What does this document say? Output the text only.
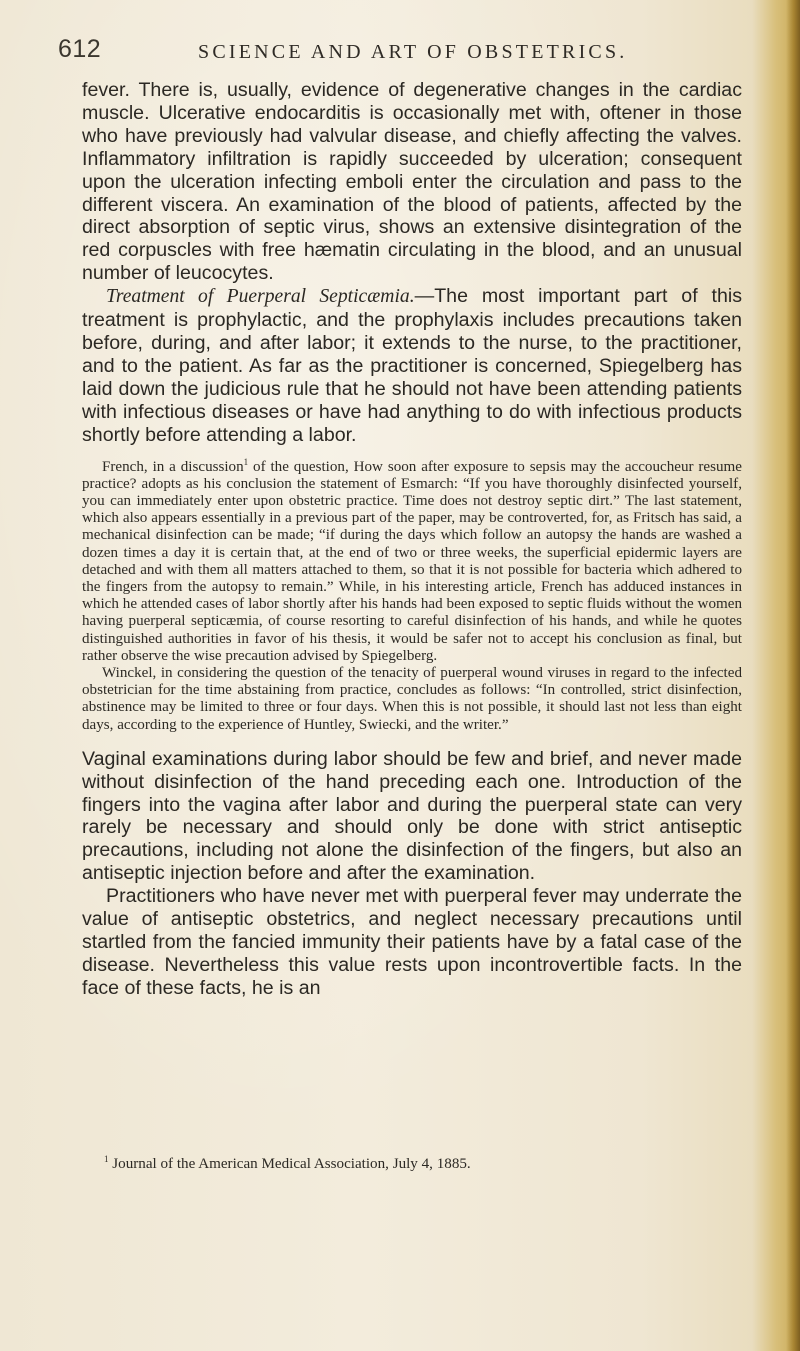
612	SCIENCE AND ART OF OBSTETRICS.

fever. There is, usually, evidence of degenerative changes in the cardiac muscle. Ulcerative endocarditis is occasionally met with, oftener in those who have previously had valvular disease, and chiefly affecting the valves. Inflammatory infiltration is rapidly succeeded by ulceration; consequent upon the ulceration infecting emboli enter the circulation and pass to the different viscera. An examination of the blood of patients, affected by the direct absorption of septic virus, shows an extensive disintegration of the red corpuscles with free hæmatin circulating in the blood, and an unusual number of leucocytes.

Treatment of Puerperal Septicæmia.—The most important part of this treatment is prophylactic, and the prophylaxis includes precautions taken before, during, and after labor; it extends to the nurse, to the practitioner, and to the patient. As far as the practitioner is concerned, Spiegelberg has laid down the judicious rule that he should not have been attending patients with infectious diseases or have had anything to do with infectious products shortly before attending a labor.

French, in a discussion$^1$ of the question, How soon after exposure to sepsis may the accoucheur resume practice? adopts as his conclusion the statement of Esmarch: “If you have thoroughly disinfected yourself, you can immediately enter upon obstetric practice. Time does not destroy septic dirt.” The last statement, which also appears essentially in a previous part of the paper, may be controverted, for, as Fritsch has said, a mechanical disinfection can be made; “if during the days which follow an autopsy the hands are washed a dozen times a day it is certain that, at the end of two or three weeks, the superficial epidermic layers are detached and with them all matters attached to them, so that it is not possible for bacteria which adhered to the fingers from the autopsy to remain.” While, in his interesting article, French has adduced instances in which he attended cases of labor shortly after his hands had been exposed to septic fluids without the women having puerperal septicæmia, of course resorting to careful disinfection of his hands, and while he quotes distinguished authorities in favor of his thesis, it would be safer not to accept his conclusion as final, but rather observe the wise precaution advised by Spiegelberg.

Winckel, in considering the question of the tenacity of puerperal wound viruses in regard to the infected obstetrician for the time abstaining from practice, concludes as follows: “In controlled, strict disinfection, abstinence may be limited to three or four days. When this is not possible, it should last not less than eight days, according to the experience of Huntley, Swiecki, and the writer.”

Vaginal examinations during labor should be few and brief, and never made without disinfection of the hand preceding each one. Introduction of the fingers into the vagina after labor and during the puerperal state can very rarely be necessary and should only be done with strict antiseptic precautions, including not alone the disinfection of the fingers, but also an antiseptic injection before and after the examination.

Practitioners who have never met with puerperal fever may underrate the value of antiseptic obstetrics, and neglect necessary precautions until startled from the fancied immunity their patients have by a fatal case of the disease. Nevertheless this value rests upon incontrovertible facts. In the face of these facts, he is an

$^1$ Journal of the American Medical Association, July 4, 1885.
